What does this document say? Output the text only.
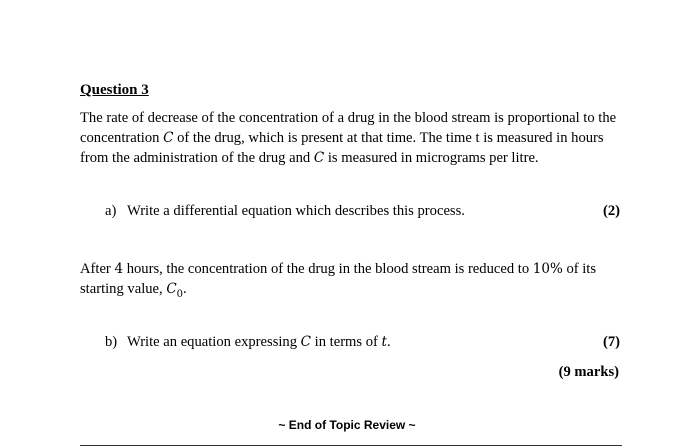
Question 3

The rate of decrease of the concentration of a drug in the blood stream is proportional to the concentration C of the drug, which is present at that time. The time t is measured in hours from the administration of the drug and C is measured in micrograms per litre.

a) Write a differential equation which describes this process.	(2)

After 4 hours, the concentration of the drug in the blood stream is reduced to 10% of its starting value, $C_0$.

b) Write an equation expressing C in terms of t.	(7)
(9 marks)
~ End of Topic Review ~
